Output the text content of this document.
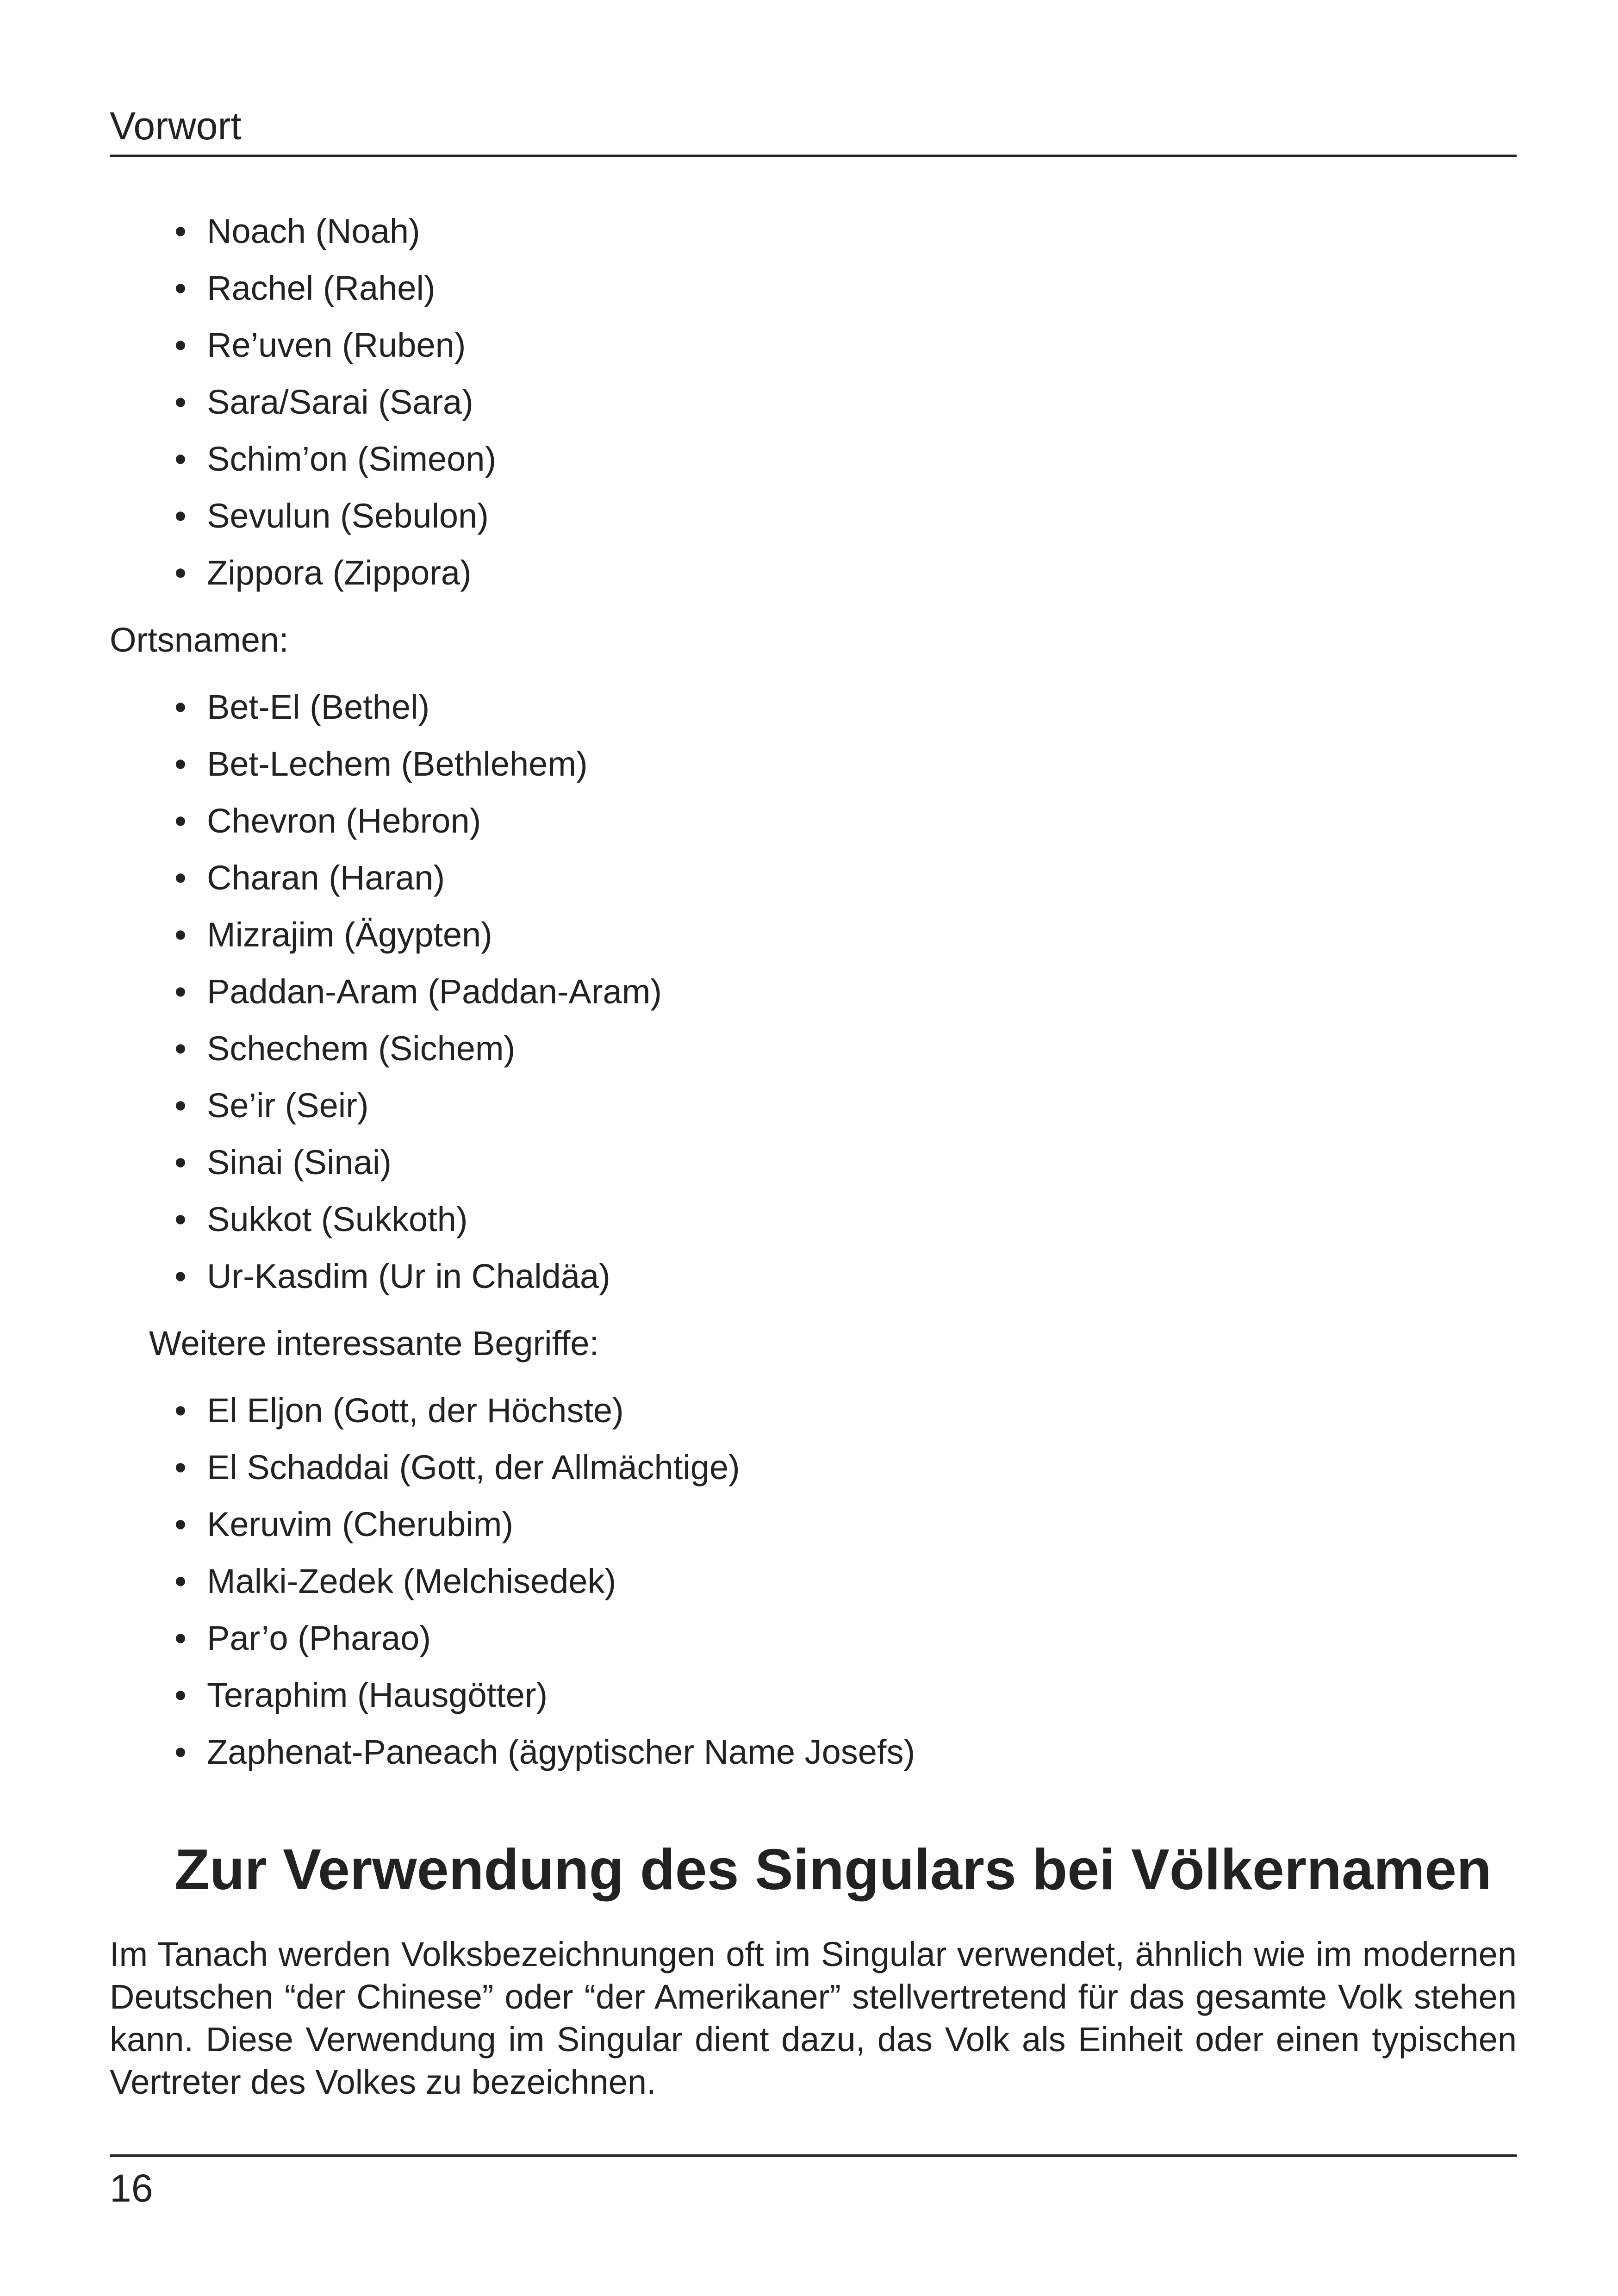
Vorwort
• Noach (Noah)
• Rachel (Rahel)
• Re’uven (Ruben)
• Sara/Sarai (Sara)
• Schim’on (Simeon)
• Sevulun (Sebulon)
• Zippora (Zippora)
Ortsnamen:
• Bet-El (Bethel)
• Bet-Lechem (Bethlehem)
• Chevron (Hebron)
• Charan (Haran)
• Mizrajim (Ägypten)
• Paddan-Aram (Paddan-Aram)
• Schechem (Sichem)
• Se’ir (Seir)
• Sinai (Sinai)
• Sukkot (Sukkoth)
• Ur-Kasdim (Ur in Chaldäa)
Weitere interessante Begriffe:
• El Eljon (Gott, der Höchste)
• El Schaddai (Gott, der Allmächtige)
• Keruvim (Cherubim)
• Malki-Zedek (Melchisedek)
• Par’o (Pharao)
• Teraphim (Hausgötter)
• Zaphenat-Paneach (ägyptischer Name Josefs)
Zur Verwendung des Singulars bei Völkernamen

Im Tanach werden Volksbezeichnungen oft im Singular verwendet, ähnlich wie im modernen Deutschen “der Chinese” oder “der Amerikaner” stellvertretend für das gesamte Volk stehen kann. Diese Verwendung im Singular dient dazu, das Volk als Einheit oder einen typischen Vertreter des Volkes zu bezeichnen.

16
